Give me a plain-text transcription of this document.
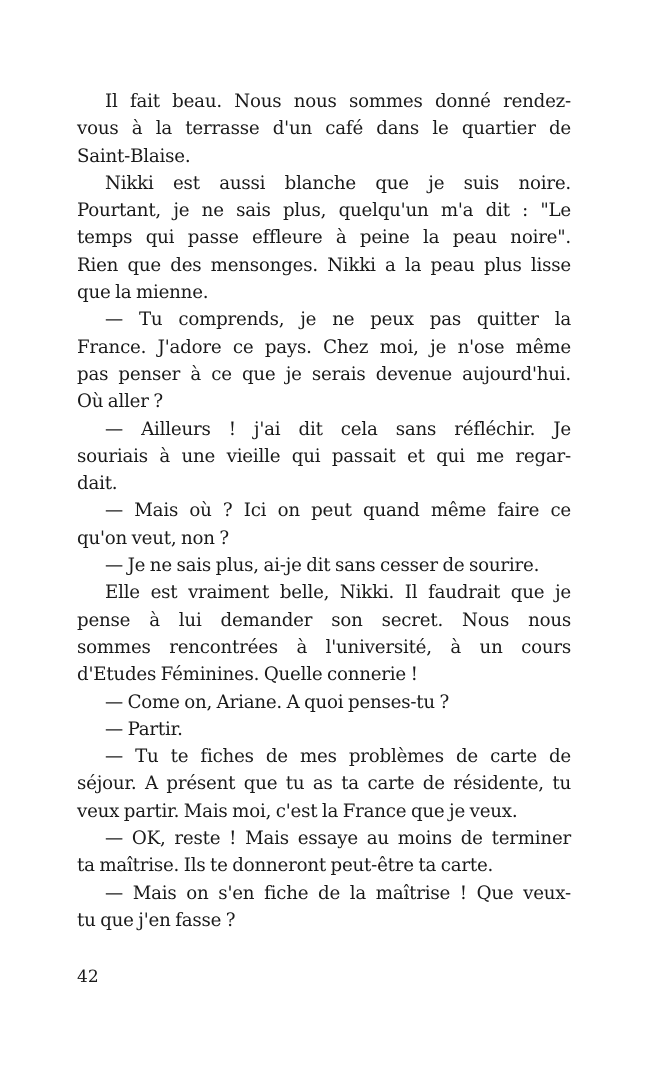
Il fait beau. Nous nous sommes donné rendez-
vous à la terrasse d'un café dans le quartier de
Saint-Blaise.
Nikki est aussi blanche que je suis noire.
Pourtant, je ne sais plus, quelqu'un m'a dit : "Le
temps qui passe effleure à peine la peau noire".
Rien que des mensonges. Nikki a la peau plus lisse
que la mienne.
— Tu comprends, je ne peux pas quitter la
France. J'adore ce pays. Chez moi, je n'ose même
pas penser à ce que je serais devenue aujourd'hui.
Où aller ?
— Ailleurs ! j'ai dit cela sans réfléchir. Je
souriais à une vieille qui passait et qui me regar-
dait.
— Mais où ? Ici on peut quand même faire ce
qu'on veut, non ?
— Je ne sais plus, ai-je dit sans cesser de sourire.
Elle est vraiment belle, Nikki. Il faudrait que je
pense à lui demander son secret. Nous nous
sommes rencontrées à l'université, à un cours
d'Etudes Féminines. Quelle connerie !
— Come on, Ariane. A quoi penses-tu ?
— Partir.
— Tu te fiches de mes problèmes de carte de
séjour. A présent que tu as ta carte de résidente, tu
veux partir. Mais moi, c'est la France que je veux.
— OK, reste ! Mais essaye au moins de terminer
ta maîtrise. Ils te donneront peut-être ta carte.
— Mais on s'en fiche de la maîtrise ! Que veux-
tu que j'en fasse ?
42
